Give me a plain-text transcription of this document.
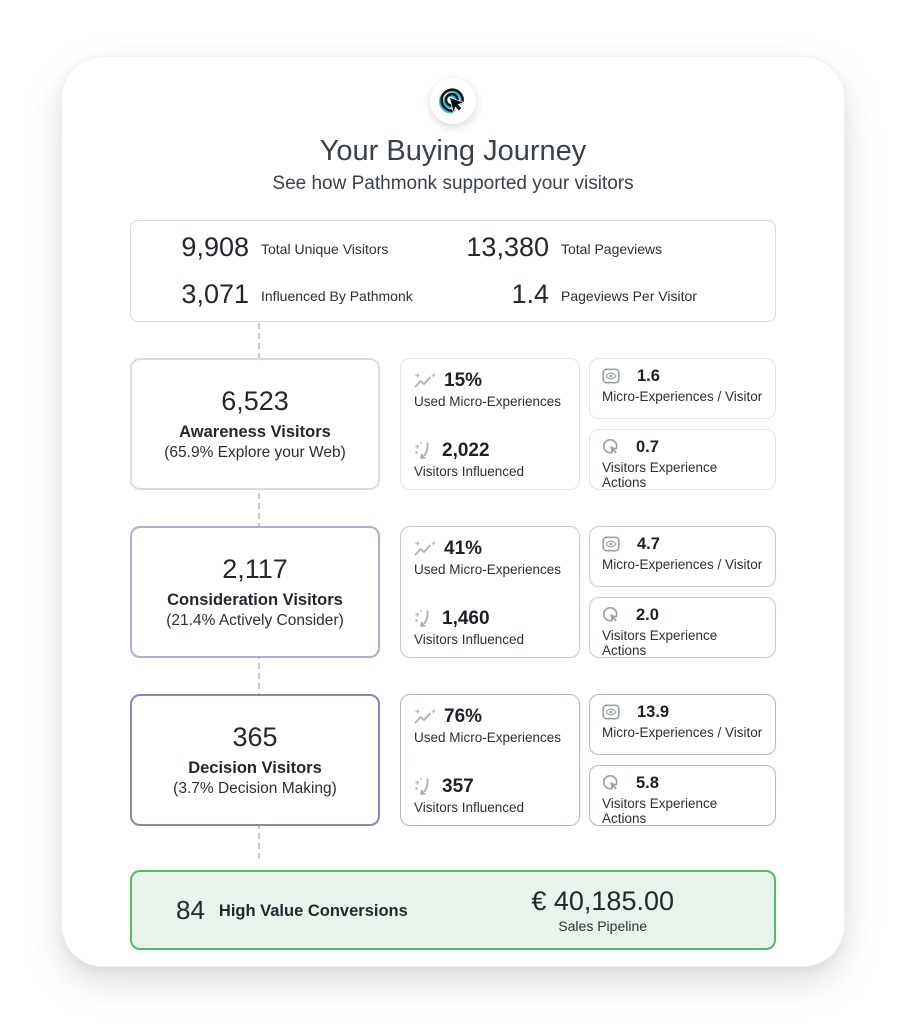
Your Buying Journey
See how Pathmonk supported your visitors
9,908 Total Unique Visitors	13,380 Total Pageviews
3,071 Influenced By Pathmonk	1.4 Pageviews Per Visitor
6,523
Awareness Visitors
(65.9% Explore your Web)
15%
Used Micro-Experiences
2,022
Visitors Influenced
1.6
Micro-Experiences / Visitor
0.7
Visitors Experience Actions
2,117
Consideration Visitors
(21.4% Actively Consider)
41%
Used Micro-Experiences
1,460
Visitors Influenced
4.7
Micro-Experiences / Visitor
2.0
Visitors Experience Actions
365
Decision Visitors
(3.7% Decision Making)
76%
Used Micro-Experiences
357
Visitors Influenced
13.9
Micro-Experiences / Visitor
5.8
Visitors Experience Actions
84 High Value Conversions	€ 40,185.00
Sales Pipeline
